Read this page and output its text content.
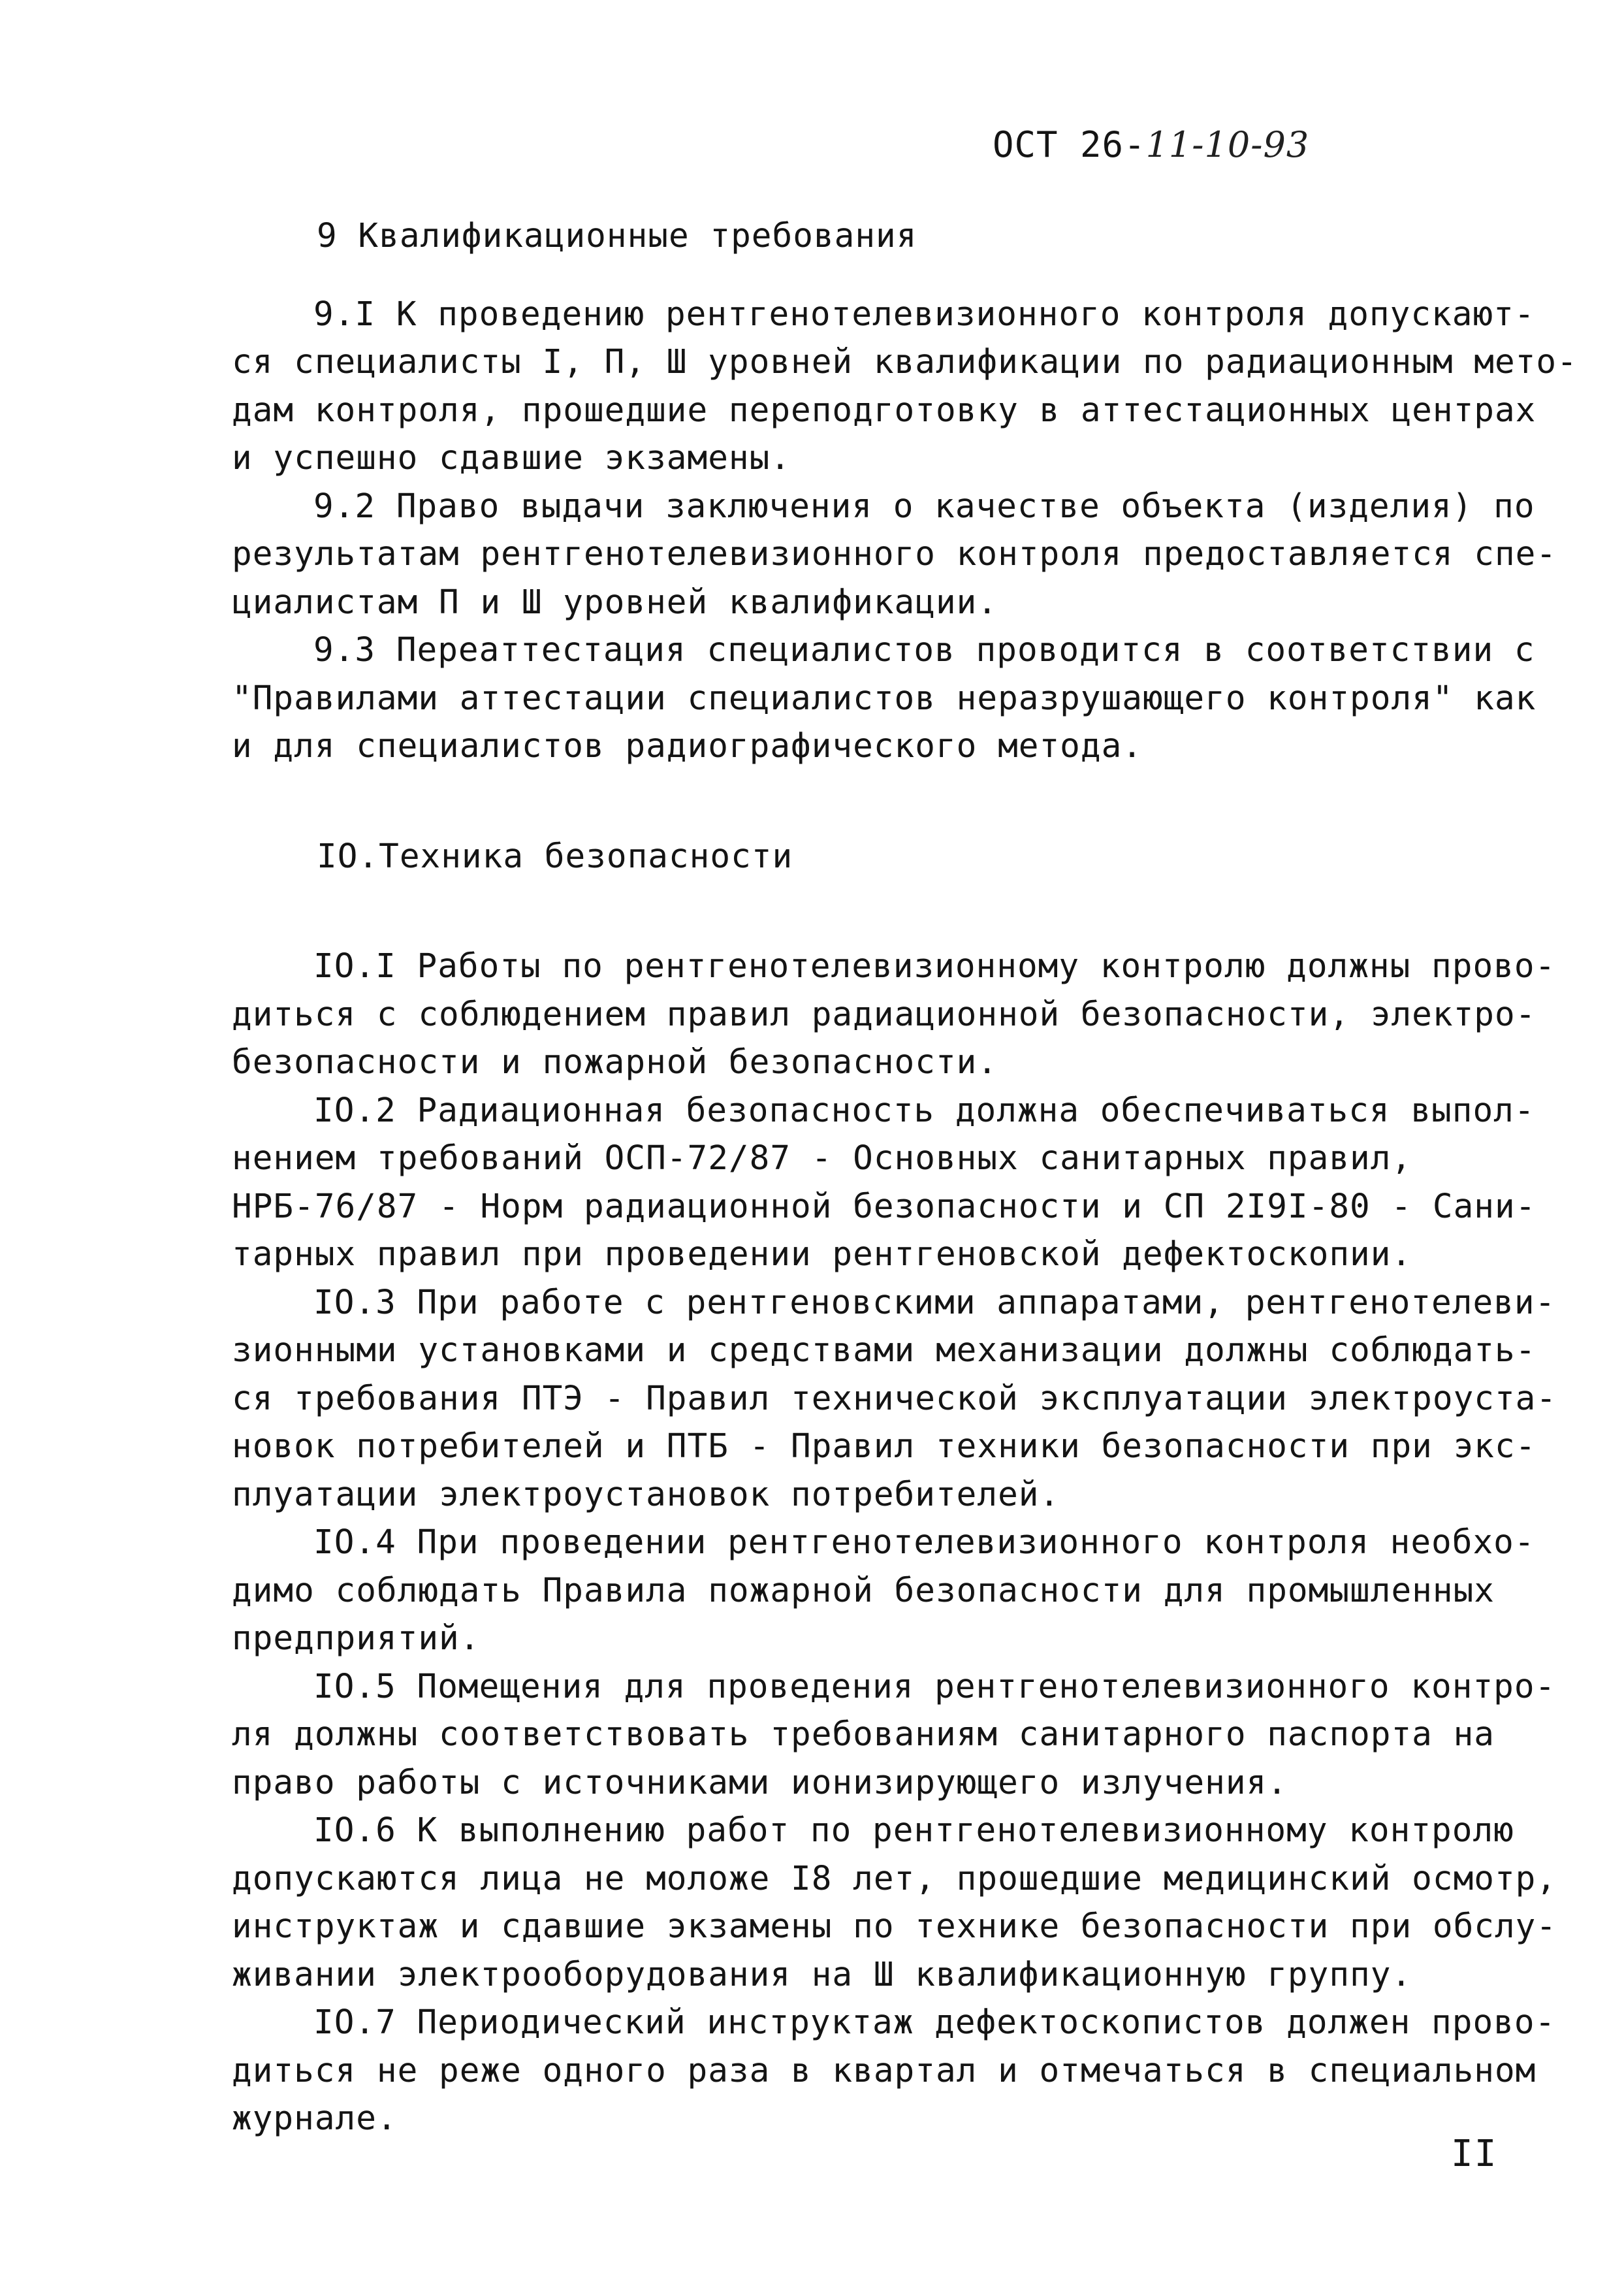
ОСТ 26-11-10-93
9 Квалификационные требования
9.I К проведению рентгенотелевизионного контроля допускают-
ся специалисты I, П, Ш уровней квалификации по радиационным мето-
дам контроля, прошедшие переподготовку в аттестационных центрах
и успешно сдавшие экзамены.
9.2 Право выдачи заключения о качестве объекта (изделия) по
результатам рентгенотелевизионного контроля предоставляется спе-
циалистам П и Ш уровней квалификации.
9.3 Переаттестация специалистов проводится в соответствии с
"Правилами аттестации специалистов неразрушающего контроля" как
и для специалистов радиографического метода.
IO.Техника безопасности
IO.I Работы по рентгенотелевизионному контролю должны прово-
диться с соблюдением правил радиационной безопасности, электро-
безопасности и пожарной безопасности.
IO.2 Радиационная безопасность должна обеспечиваться выпол-
нением требований ОСП-72/87 - Основных санитарных правил,
НРБ-76/87 - Норм радиационной безопасности и СП 2I9I-80 - Сани-
тарных правил при проведении рентгеновской дефектоскопии.
IO.3 При работе с рентгеновскими аппаратами, рентгенотелеви-
зионными установками и средствами механизации должны соблюдать-
ся требования ПТЭ - Правил технической эксплуатации электроуста-
новок потребителей и ПТБ - Правил техники безопасности при экс-
плуатации электроустановок потребителей.
IO.4 При проведении рентгенотелевизионного контроля необхо-
димо соблюдать Правила пожарной безопасности для промышленных
предприятий.
IO.5 Помещения для проведения рентгенотелевизионного контро-
ля должны соответствовать требованиям санитарного паспорта на
право работы с источниками ионизирующего излучения.
IO.6 К выполнению работ по рентгенотелевизионному контролю
допускаются лица не моложе I8 лет, прошедшие медицинский осмотр,
инструктаж и сдавшие экзамены по технике безопасности при обслу-
живании электрооборудования на Ш квалификационную группу.
IO.7 Периодический инструктаж дефектоскопистов должен прово-
диться не реже одного раза в квартал и отмечаться в специальном
журнале.
II
